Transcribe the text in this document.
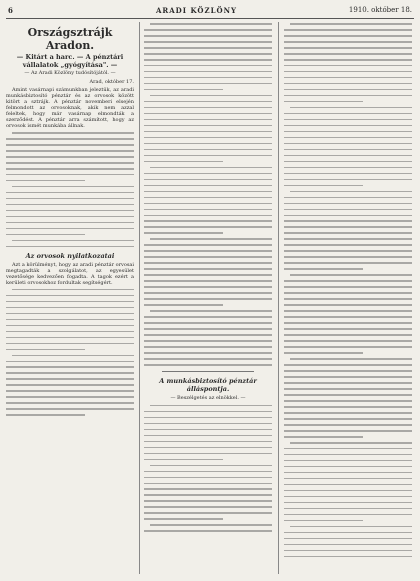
6	ARADI KÖZLÖNY	1910. október 18.
Országsztrájk Aradon.
— Kitárt a harc. — A pénztári vállalatok „gyógyítása". —
— Az Aradi Közlöny tudósítójától. —
Arad, október 17.

Amint vasárnapi számunkban jeleztük, az aradi munkásbiztosító pénztár és az orvosok között kitört a sztrájk. A pénztár novemberi elsején felmondott az orvosoknak, akik nem azzal feleltek, hogy már vasárnap elmondták a szerződést. A pénztár arra számított, hogy az orvosok ismét munkába állnak.

Az orvosok nyilatkozatai

Azt a körülményt, hogy az aradi pénztár orvosai megtagadták a szolgálatot, az egyesület vezetősége kedvezően fogadta. A tagok ezért a kerületi orvosokhoz fordultak segítségért.

A munkásbiztosító pénztár álláspontja.
— Beszélgetés az elnökkel. —
